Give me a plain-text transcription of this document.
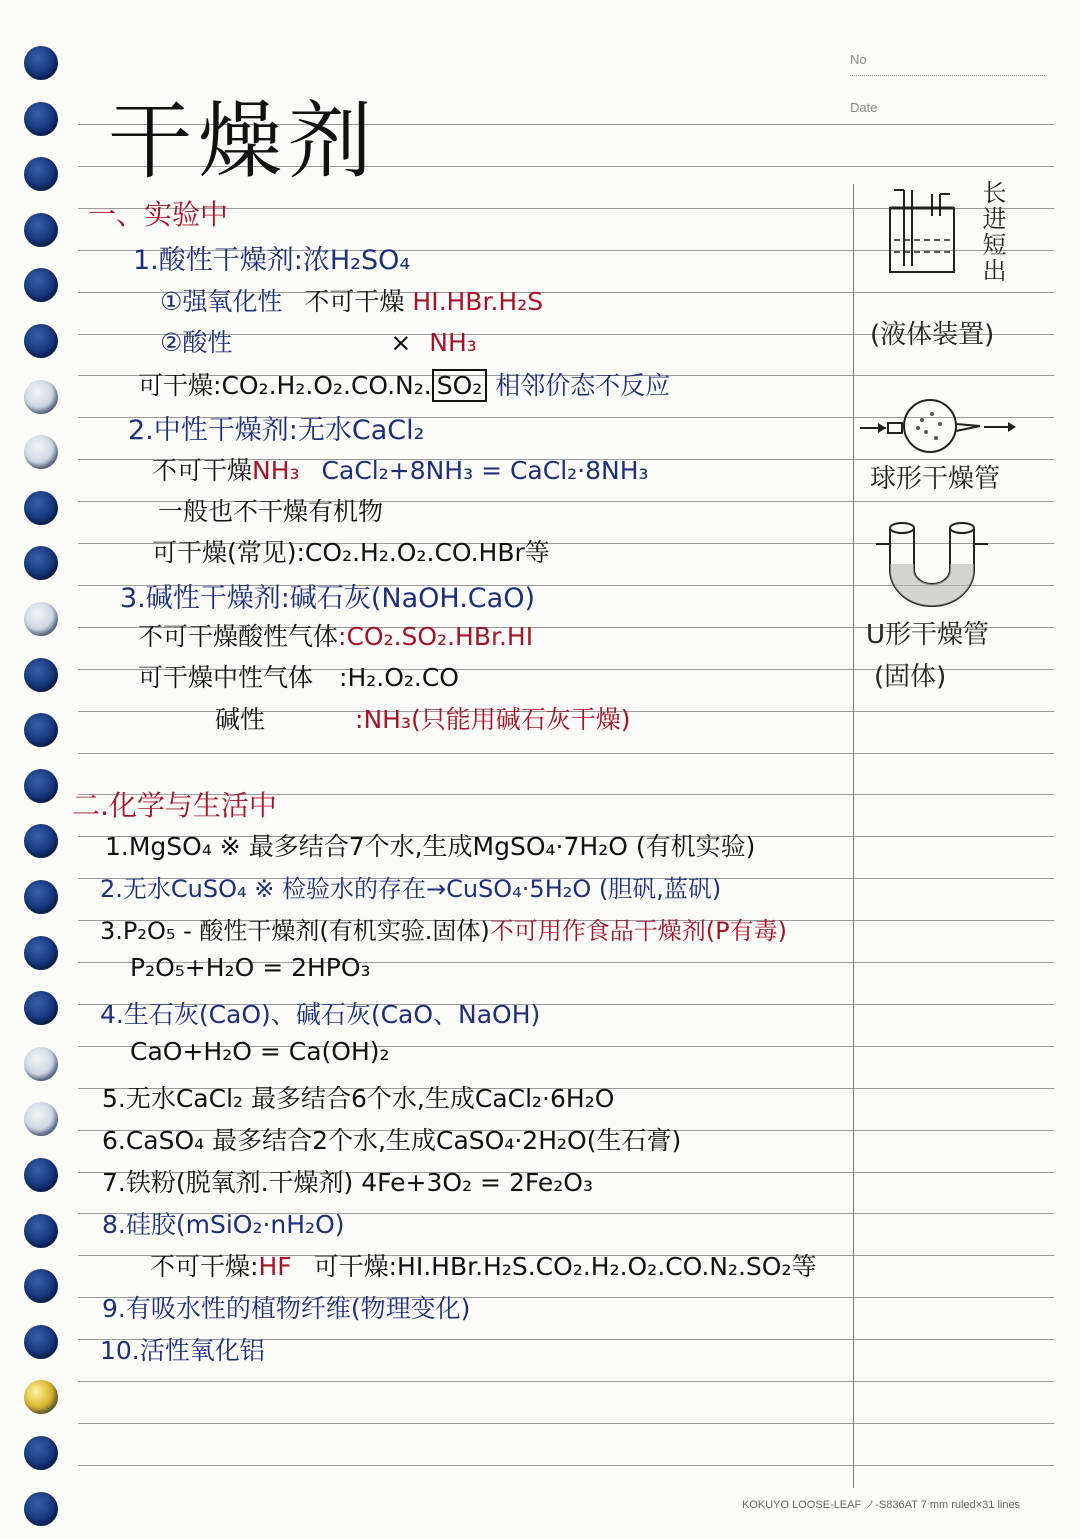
No
Date
干燥剂
一、实验中
1.酸性干燥剂:浓H₂SO₄
①强氧化性 不可干燥 HI.HBr.H₂S
②酸性	× NH₃
可干燥:CO₂.H₂.O₂.CO.N₂. SO₂ 相邻价态不反应
2.中性干燥剂:无水CaCl₂
不可干燥NH₃ CaCl₂+8NH₃ = CaCl₂·8NH₃
一般也不干燥有机物
可干燥(常见):CO₂.H₂.O₂.CO.HBr等
3.碱性干燥剂:碱石灰(NaOH.CaO)
不可干燥酸性气体:CO₂.SO₂.HBr.HI
可干燥中性气体 :H₂.O₂.CO
碱性	:NH₃(只能用碱石灰干燥)
二.化学与生活中
1.MgSO₄ ※ 最多结合7个水,生成MgSO₄·7H₂O (有机实验)
2.无水CuSO₄ ※ 检验水的存在→CuSO₄·5H₂O (胆矾,蓝矾)
3.P₂O₅ - 酸性干燥剂(有机实验.固体)不可用作食品干燥剂(P有毒)
P₂O₅+H₂O = 2HPO₃
4.生石灰(CaO)、碱石灰(CaO、NaOH)
CaO+H₂O = Ca(OH)₂
5.无水CaCl₂ 最多结合6个水,生成CaCl₂·6H₂O
6.CaSO₄ 最多结合2个水,生成CaSO₄·2H₂O(生石膏)
7.铁粉(脱氧剂.干燥剂) 4Fe+3O₂ = 2Fe₂O₃
8.硅胶(mSiO₂·nH₂O)
不可干燥:HF 可干燥:HI.HBr.H₂S.CO₂.H₂.O₂.CO.N₂.SO₂等
9.有吸水性的植物纤维(物理变化)
10.活性氧化铝
长进短出
(液体装置)
球形干燥管
U形干燥管
(固体)
KOKUYO LOOSE-LEAF ノ-S836AT 7 mm ruled×31 lines
